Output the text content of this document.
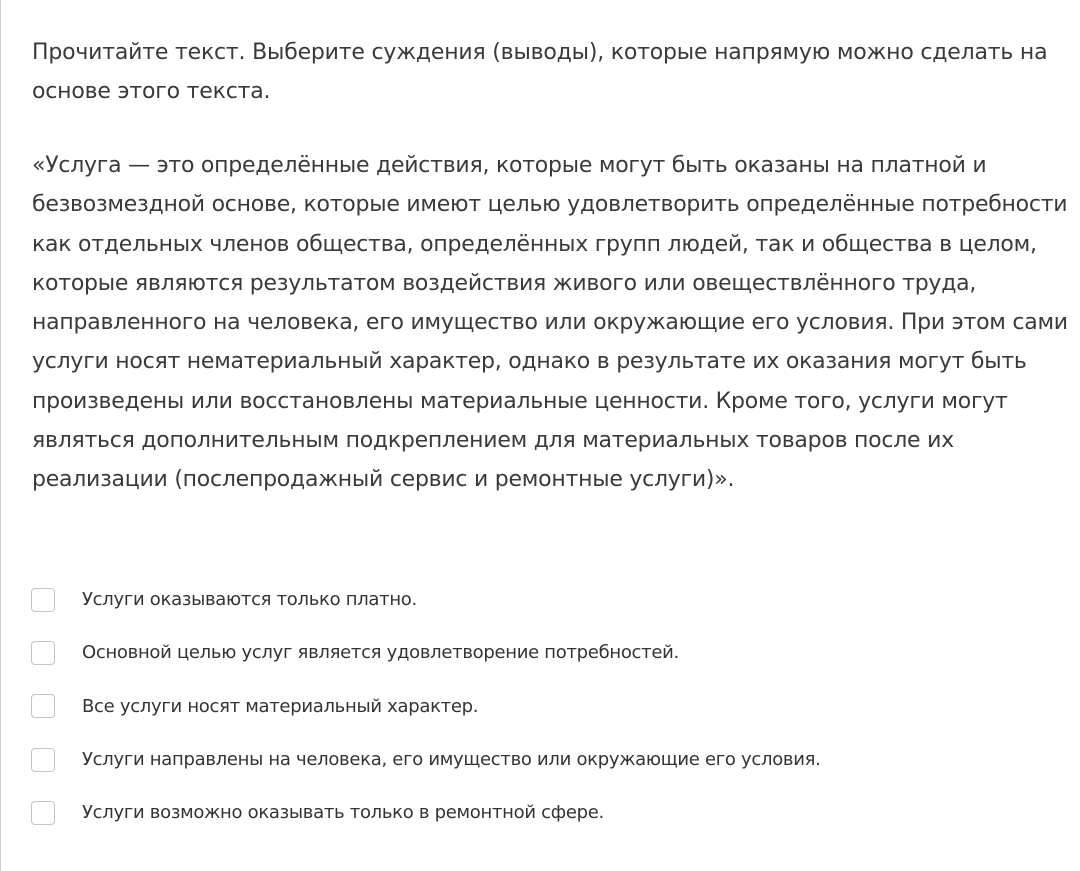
Прочитайте текст. Выберите суждения (выводы), которые напрямую можно сделать на основе этого текста.
«Услуга — это определённые действия, которые могут быть оказаны на платной и безвозмездной основе, которые имеют целью удовлетворить определённые потребности как отдельных членов общества, определённых групп людей, так и общества в целом, которые являются результатом воздействия живого или овеществлённого труда, направленного на человека, его имущество или окружающие его условия. При этом сами услуги носят нематериальный характер, однако в результате их оказания могут быть произведены или восстановлены материальные ценности. Кроме того, услуги могут являться дополнительным подкреплением для материальных товаров после их реализации (послепродажный сервис и ремонтные услуги)».
Услуги оказываются только платно.
Основной целью услуг является удовлетворение потребностей.
Все услуги носят материальный характер.
Услуги направлены на человека, его имущество или окружающие его условия.
Услуги возможно оказывать только в ремонтной сфере.
